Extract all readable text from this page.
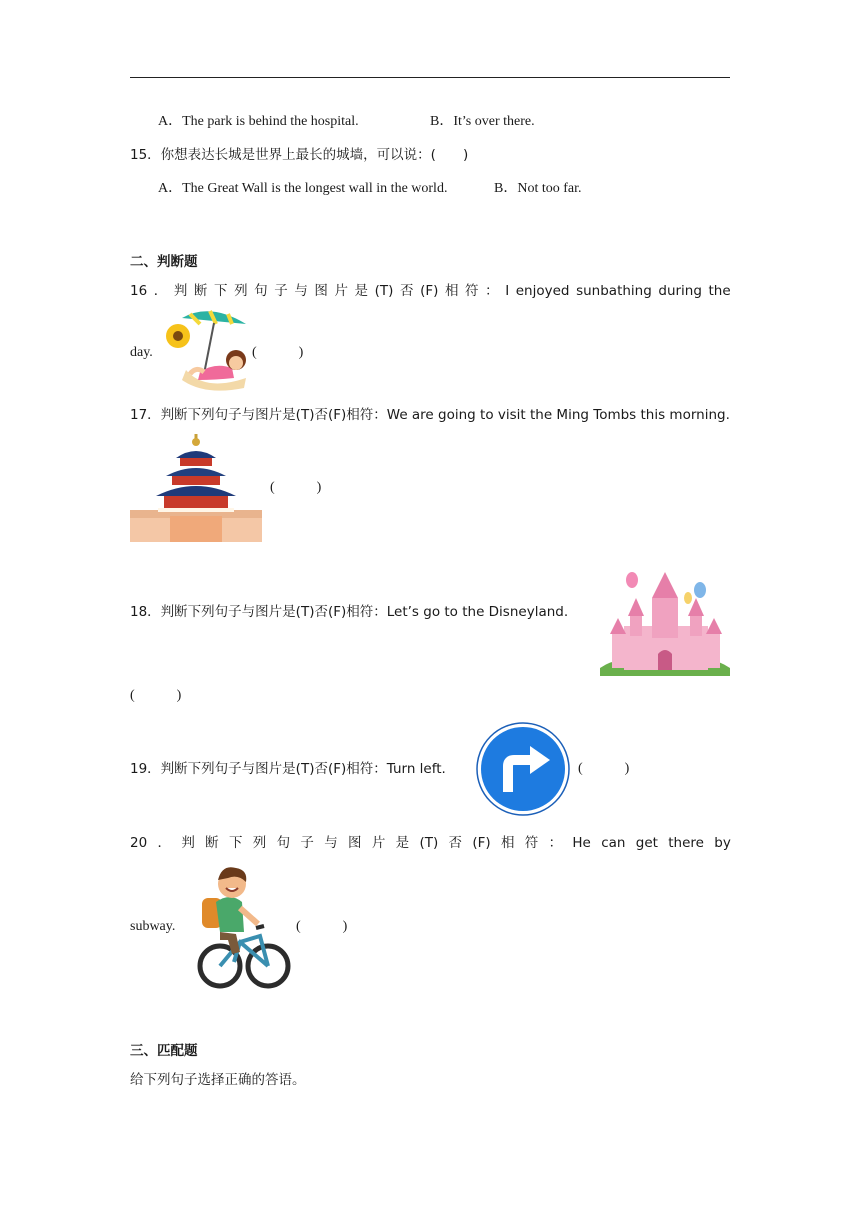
A．The park is behind the hospital.	B．It’s over there.
15．你想表达长城是世界上最长的城墙，可以说：(　　)
A．The Great Wall is the longest wall in the world.	B．Not too far.
二、判断题
16 ． 判 断 下 列 句 子 与 图 片 是 (T) 否 (F) 相 符 ： I enjoyed sunbathing during the
day.	(　　　)
17．判断下列句子与图片是(T)否(F)相符：We are going to visit the Ming Tombs this morning.
(　　　)
18．判断下列句子与图片是(T)否(F)相符：Let’s go to the Disneyland.
(　　　)
19．判断下列句子与图片是(T)否(F)相符：Turn left.	(　　　)
20 ． 判 断 下 列 句 子 与 图 片 是 (T) 否 (F) 相 符 ： He can get there by
subway.	(　　　)
三、匹配题
给下列句子选择正确的答语。
